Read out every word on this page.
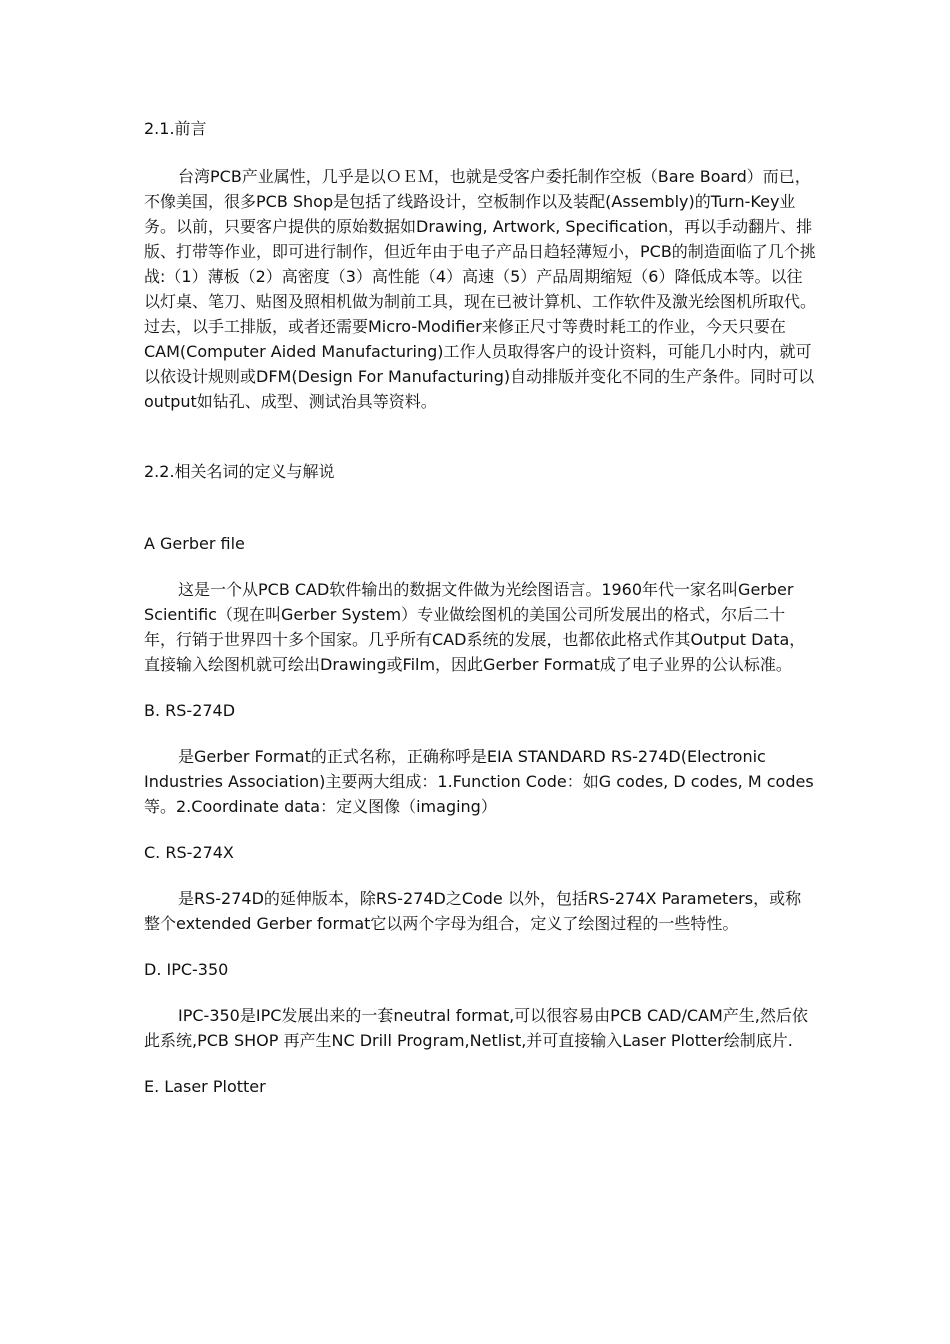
2.1.前言

台湾PCB产业属性，几乎是以ＯＥＭ，也就是受客户委托制作空板（Bare Board）而已，不像美国，很多PCB Shop是包括了线路设计，空板制作以及装配(Assembly)的Turn-Key业务。以前，只要客户提供的原始数据如Drawing, Artwork, Specification，再以手动翻片、排版、打带等作业，即可进行制作，但近年由于电子产品日趋轻薄短小，PCB的制造面临了几个挑战:（1）薄板（2）高密度（3）高性能（4）高速（5）产品周期缩短（6）降低成本等。以往以灯桌、笔刀、贴图及照相机做为制前工具，现在已被计算机、工作软件及激光绘图机所取代。过去，以手工排版，或者还需要Micro-Modifier来修正尺寸等费时耗工的作业，今天只要在CAM(Computer Aided Manufacturing)工作人员取得客户的设计资料，可能几小时内，就可以依设计规则或DFM(Design For Manufacturing)自动排版并变化不同的生产条件。同时可以output如钻孔、成型、测试治具等资料。

2.2.相关名词的定义与解说

A Gerber file

这是一个从PCB CAD软件输出的数据文件做为光绘图语言。1960年代一家名叫Gerber Scientific（现在叫Gerber System）专业做绘图机的美国公司所发展出的格式，尔后二十年，行销于世界四十多个国家。几乎所有CAD系统的发展，也都依此格式作其Output Data，直接输入绘图机就可绘出Drawing或Film，因此Gerber Format成了电子业界的公认标准。

B. RS-274D

是Gerber Format的正式名称，正确称呼是EIA STANDARD RS-274D(Electronic Industries Association)主要两大组成：1.Function Code：如G codes, D codes, M codes 等。2.Coordinate data：定义图像（imaging）

C. RS-274X

是RS-274D的延伸版本，除RS-274D之Code 以外，包括RS-274X Parameters，或称整个extended Gerber format它以两个字母为组合，定义了绘图过程的一些特性。

D. IPC-350

IPC-350是IPC发展出来的一套neutral format,可以很容易由PCB CAD/CAM产生,然后依此系统,PCB SHOP 再产生NC Drill Program,Netlist,并可直接输入Laser Plotter绘制底片.

E. Laser Plotter
